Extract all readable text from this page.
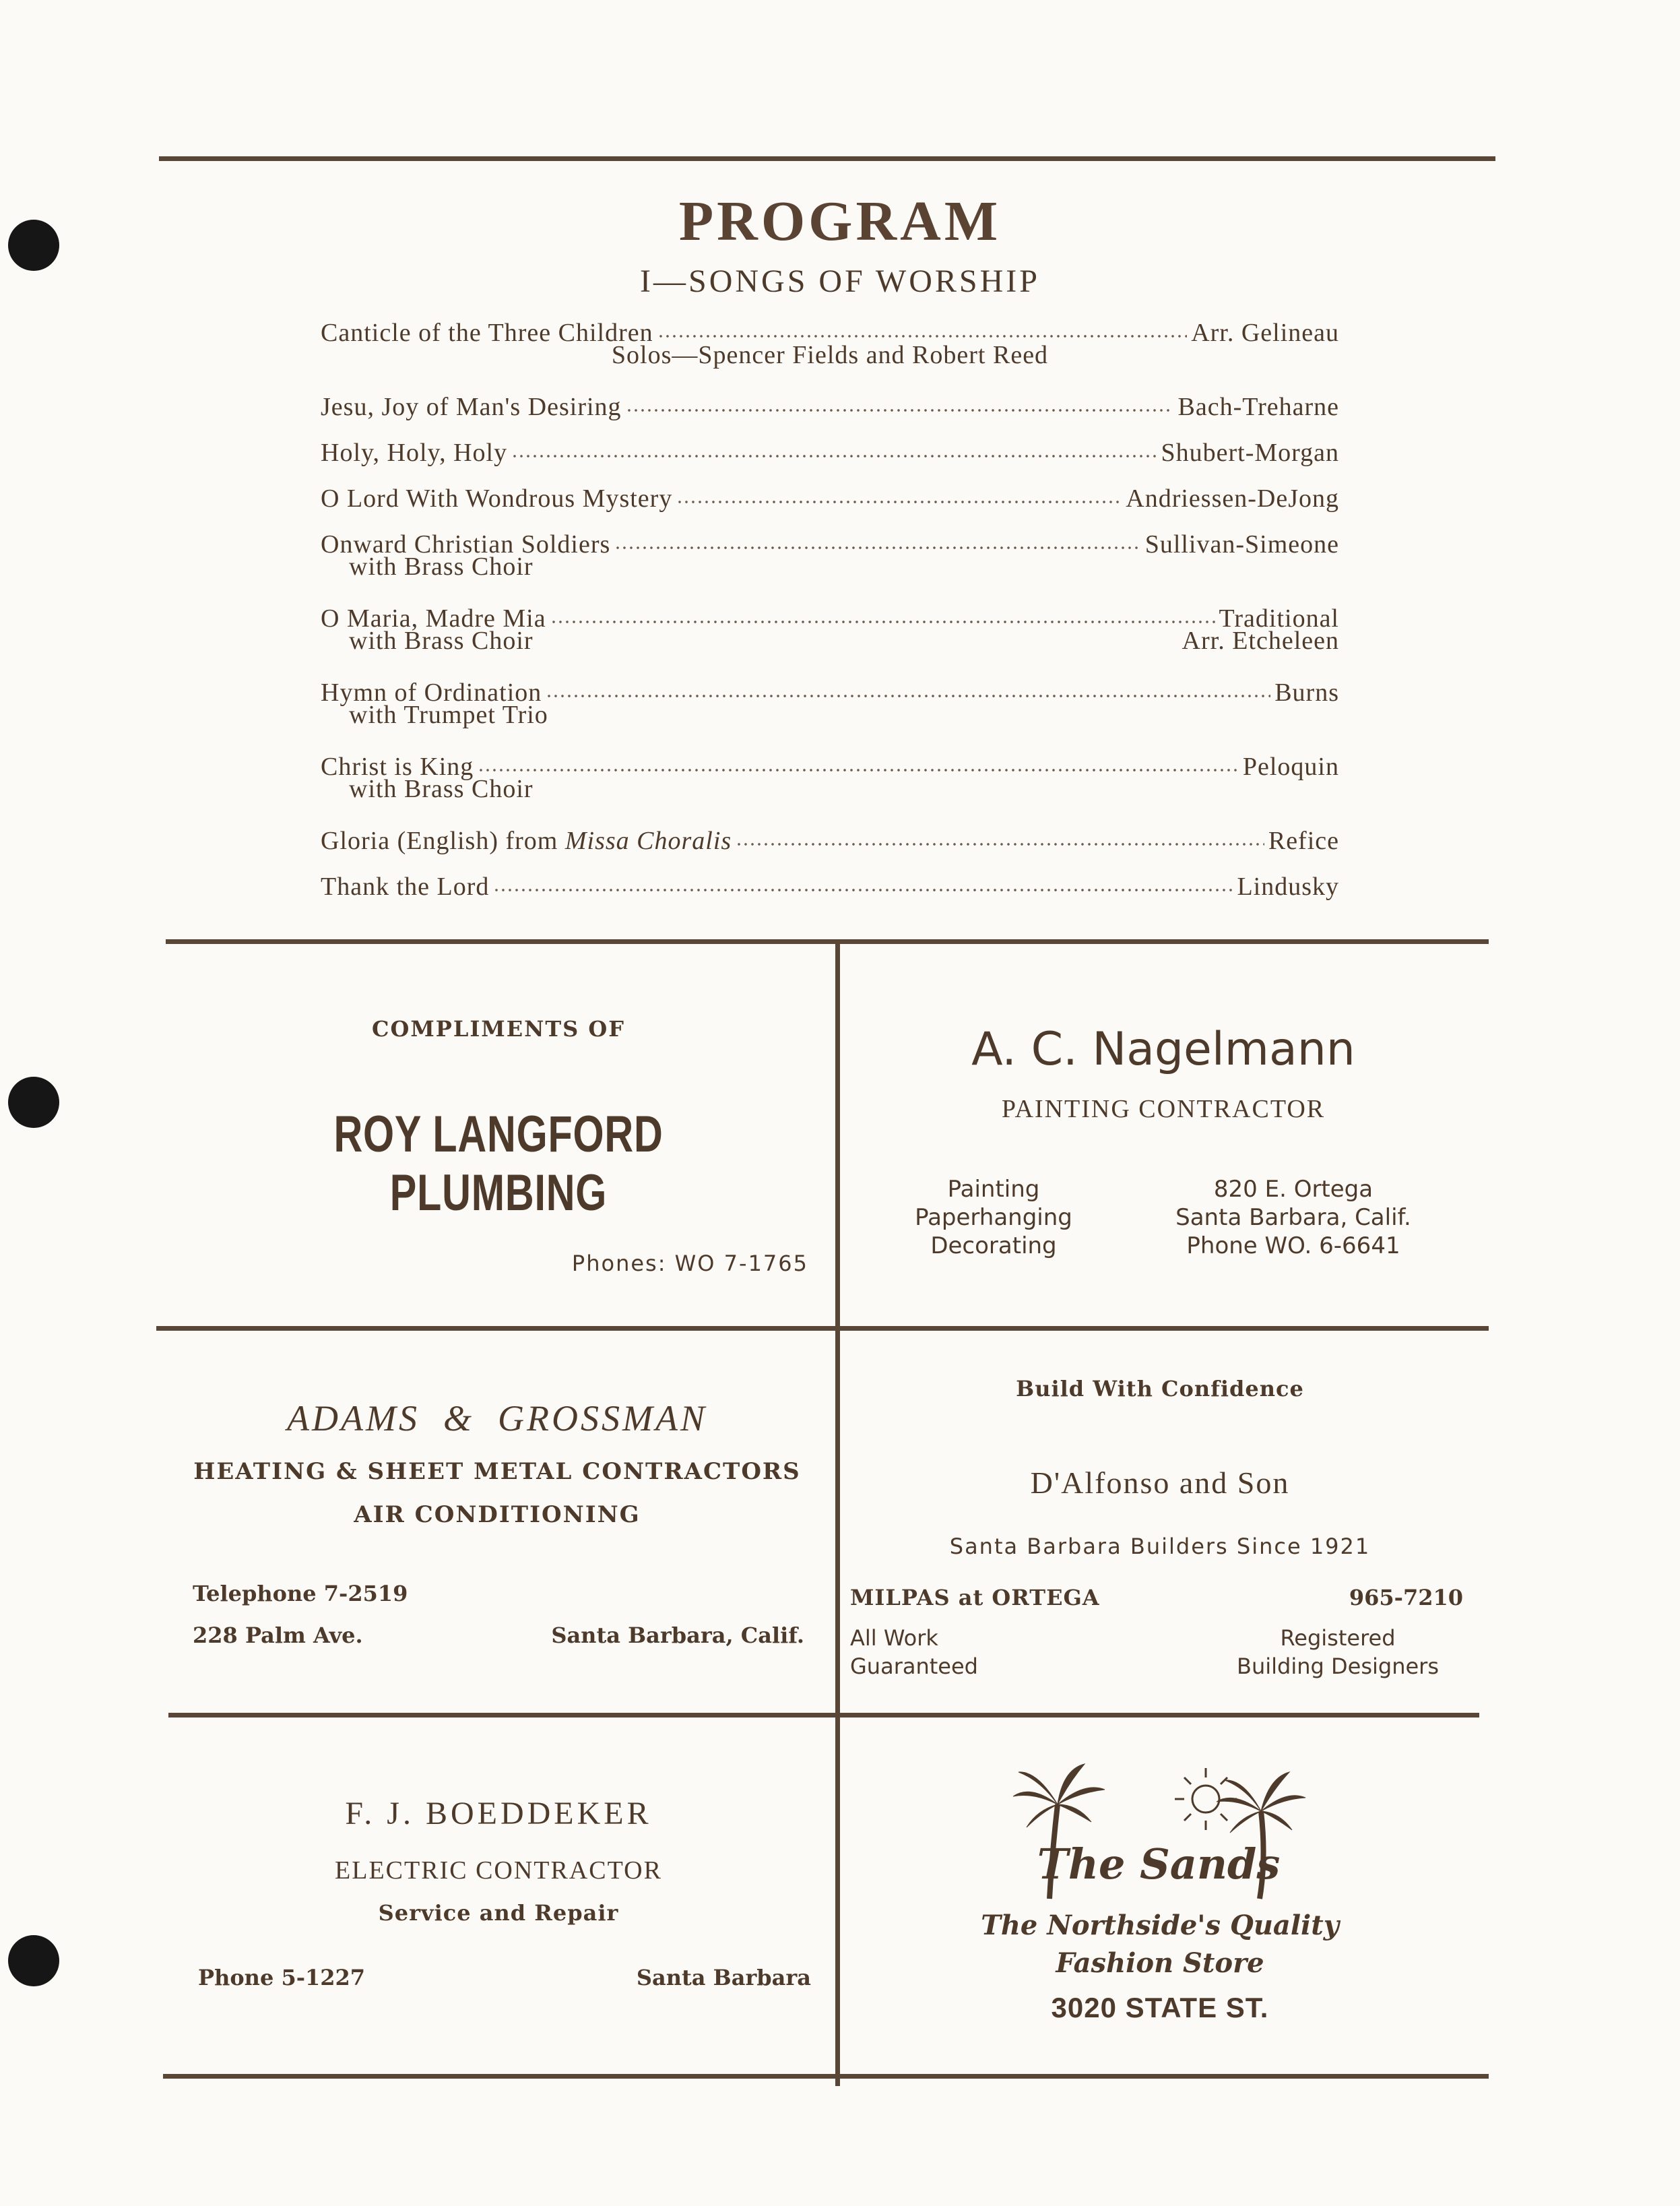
PROGRAM
I—SONGS OF WORSHIP
Canticle of the Three Children	Arr. Gelineau
Solos—Spencer Fields and Robert Reed
Jesu, Joy of Man's Desiring	Bach-Treharne
Holy, Holy, Holy	Shubert-Morgan
O Lord With Wondrous Mystery	Andriessen-DeJong
Onward Christian Soldiers	Sullivan-Simeone
with Brass Choir
O Maria, Madre Mia	Traditional
with Brass Choir	Arr. Etcheleen
Hymn of Ordination	Burns
with Trumpet Trio
Christ is King	Peloquin
with Brass Choir
Gloria (English) from Missa Choralis	Refice
Thank the Lord	Lindusky
COMPLIMENTS OF
ROY LANGFORD PLUMBING
Phones: WO 7-1765
A. C. Nagelmann
PAINTING CONTRACTOR
Painting
Paperhanging
Decorating
820 E. Ortega
Santa Barbara, Calif.
Phone WO. 6-6641
ADAMS & GROSSMAN
HEATING & SHEET METAL CONTRACTORS
AIR CONDITIONING
Telephone 7-2519
228 Palm Ave.	Santa Barbara, Calif.
Build With Confidence
D'Alfonso and Son
Santa Barbara Builders Since 1921
MILPAS at ORTEGA	965-7210
All Work
Guaranteed
Registered
Building Designers
F. J. BOEDDEKER
ELECTRIC CONTRACTOR
Service and Repair
Phone 5-1227	Santa Barbara
The Sands
The Northside's Quality
Fashion Store
3020 STATE ST.
